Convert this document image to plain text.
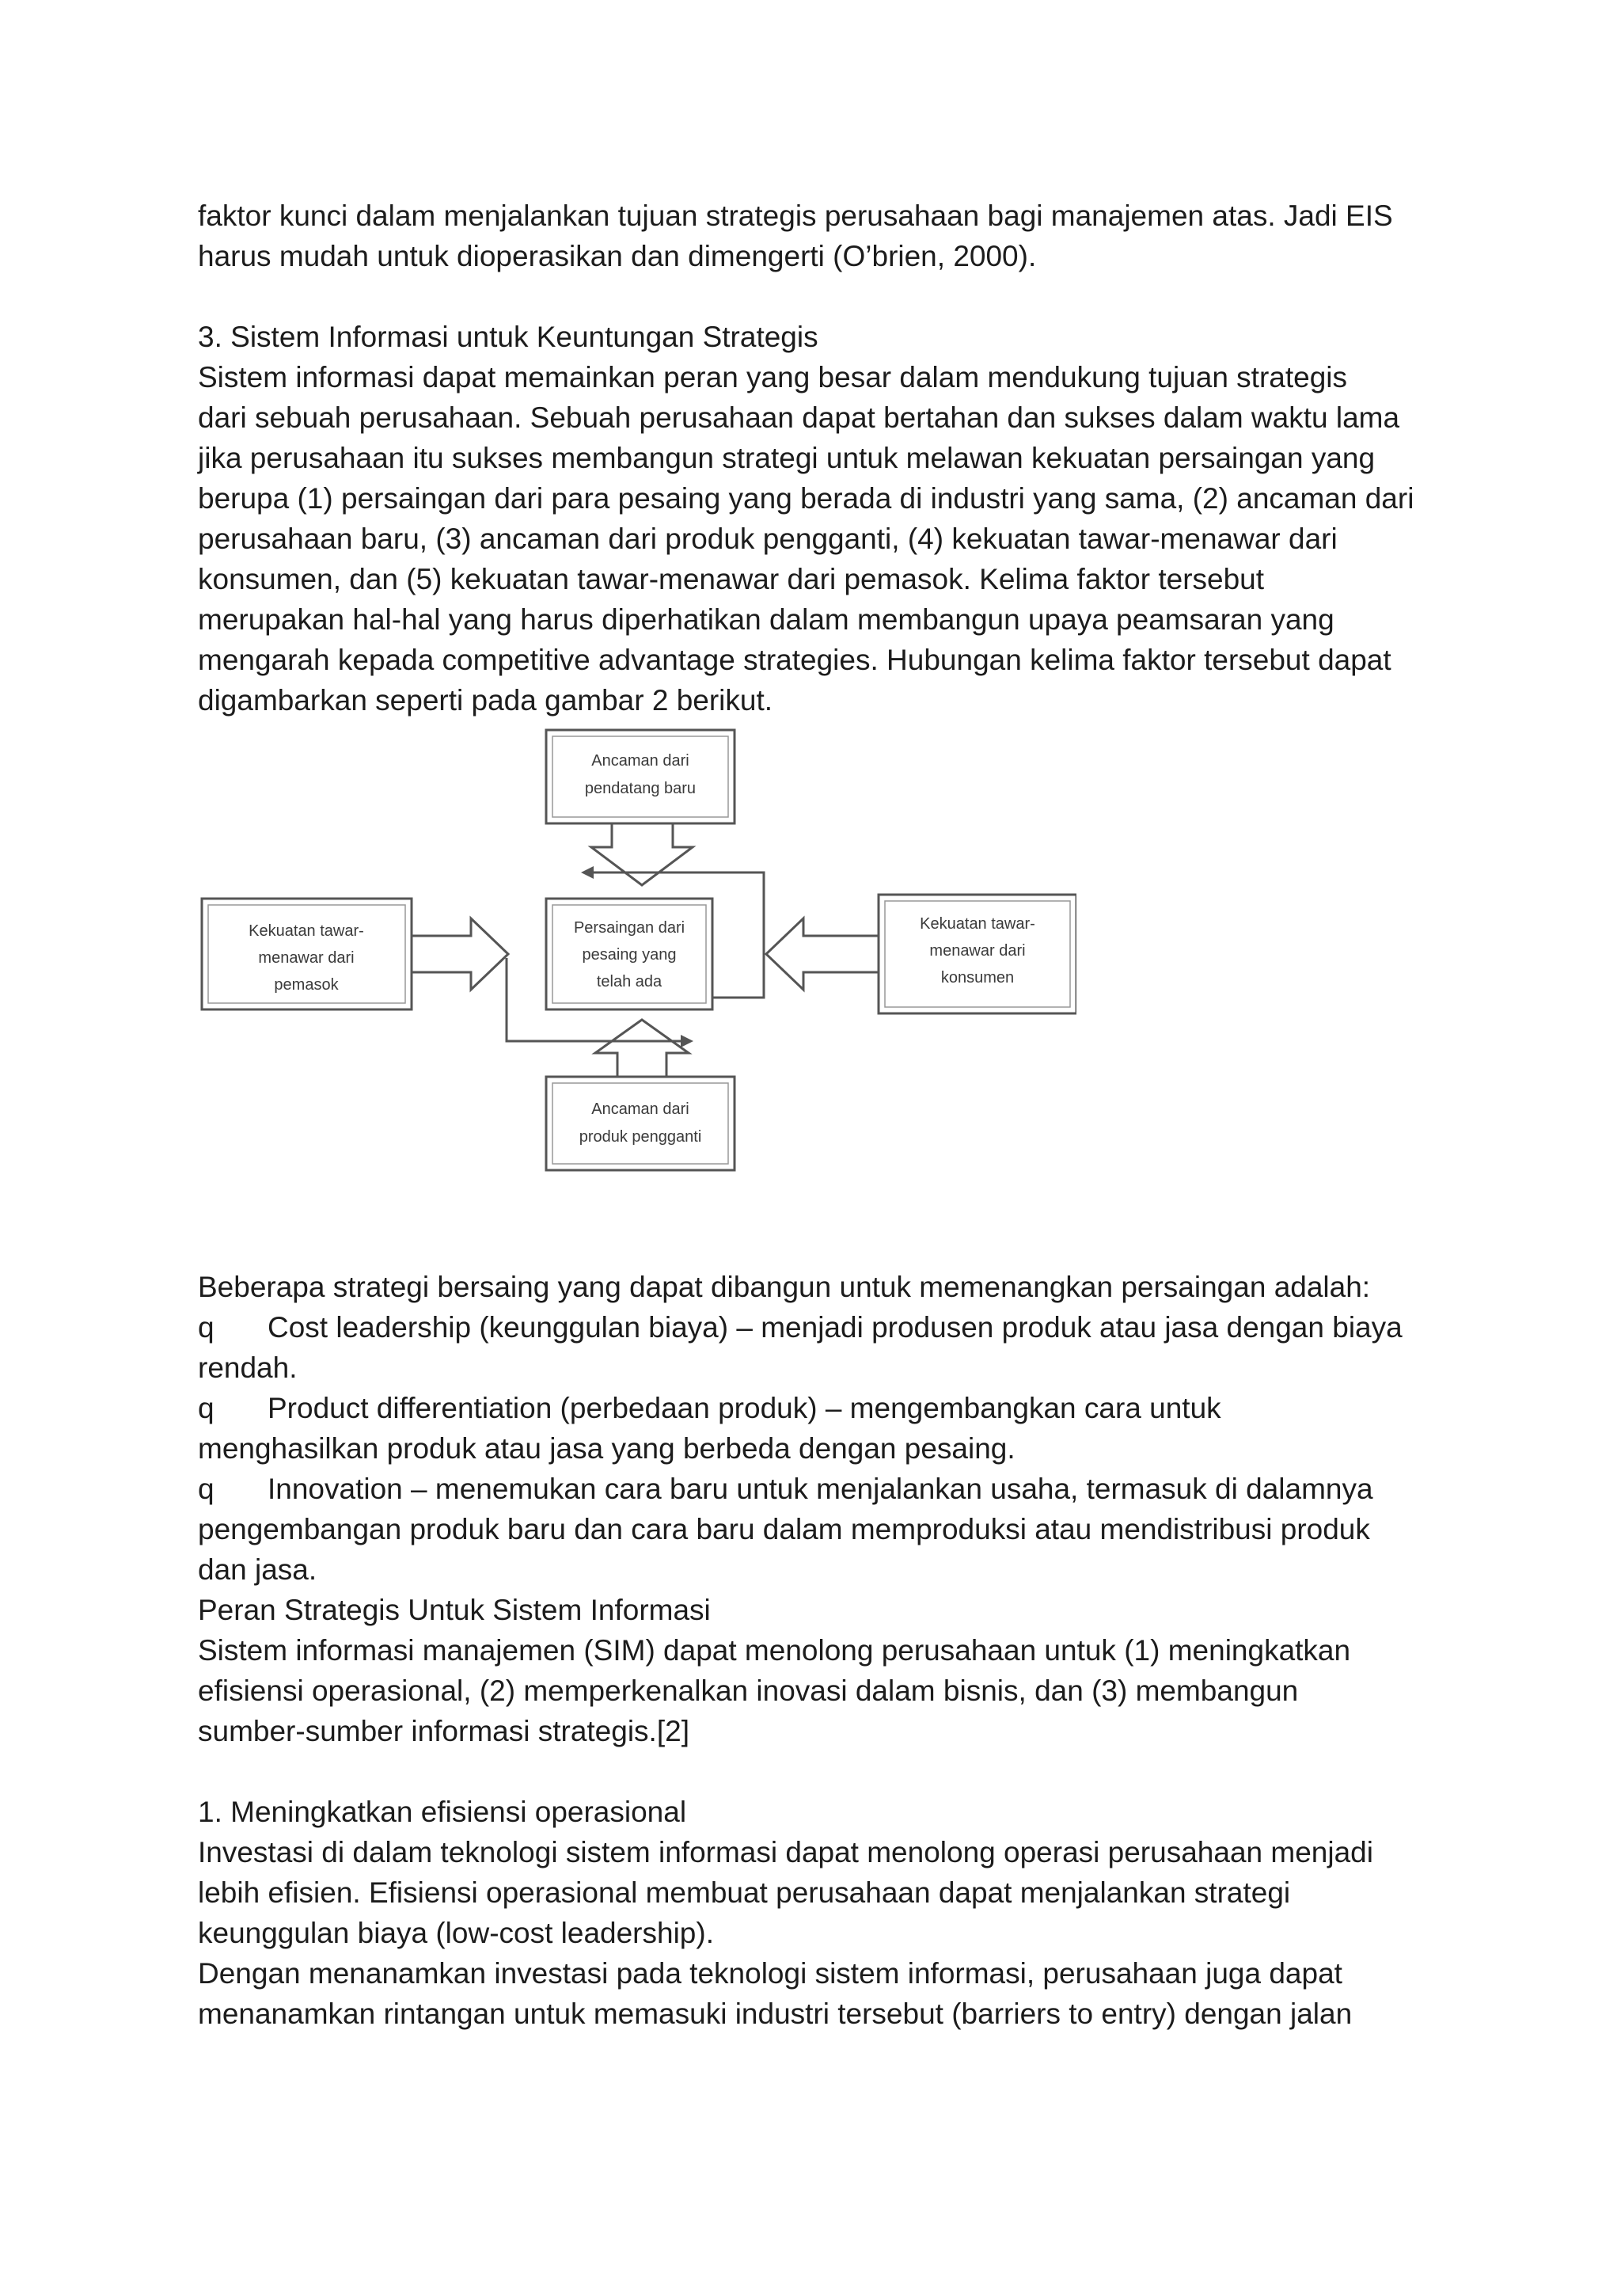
faktor kunci dalam menjalankan tujuan strategis perusahaan bagi manajemen atas. Jadi EIS

harus mudah untuk dioperasikan dan dimengerti (O’brien, 2000).

3. Sistem Informasi untuk Keuntungan Strategis

Sistem informasi dapat memainkan peran yang besar dalam mendukung tujuan strategis

dari sebuah perusahaan. Sebuah perusahaan dapat bertahan dan sukses dalam waktu lama

jika perusahaan itu sukses membangun strategi untuk melawan kekuatan persaingan yang

berupa (1) persaingan dari para pesaing yang berada di industri yang sama, (2) ancaman dari

perusahaan baru, (3) ancaman dari produk pengganti, (4) kekuatan tawar-menawar dari

konsumen, dan (5) kekuatan tawar-menawar dari pemasok. Kelima faktor tersebut

merupakan hal-hal yang harus diperhatikan dalam membangun upaya peamsaran yang

mengarah kepada competitive advantage strategies. Hubungan kelima faktor tersebut dapat

digambarkan seperti pada gambar 2 berikut.

Ancaman dari
pendatang baru
Persaingan dari
pesaing yang
telah ada
Kekuatan tawar-
menawar dari
pemasok
Kekuatan tawar-
menawar dari
konsumen
Ancaman dari
produk pengganti

Beberapa strategi bersaing yang dapat dibangun untuk memenangkan persaingan adalah:

q Cost leadership (keunggulan biaya) – menjadi produsen produk atau jasa dengan biaya

rendah.

q Product differentiation (perbedaan produk) – mengembangkan cara untuk

menghasilkan produk atau jasa yang berbeda dengan pesaing.

q Innovation – menemukan cara baru untuk menjalankan usaha, termasuk di dalamnya

pengembangan produk baru dan cara baru dalam memproduksi atau mendistribusi produk

dan jasa.

Peran Strategis Untuk Sistem Informasi

Sistem informasi manajemen (SIM) dapat menolong perusahaan untuk (1) meningkatkan

efisiensi operasional, (2) memperkenalkan inovasi dalam bisnis, dan (3) membangun

sumber-sumber informasi strategis.[2]

1. Meningkatkan efisiensi operasional

Investasi di dalam teknologi sistem informasi dapat menolong operasi perusahaan menjadi

lebih efisien. Efisiensi operasional membuat perusahaan dapat menjalankan strategi

keunggulan biaya (low-cost leadership).

Dengan menanamkan investasi pada teknologi sistem informasi, perusahaan juga dapat

menanamkan rintangan untuk memasuki industri tersebut (barriers to entry) dengan jalan
